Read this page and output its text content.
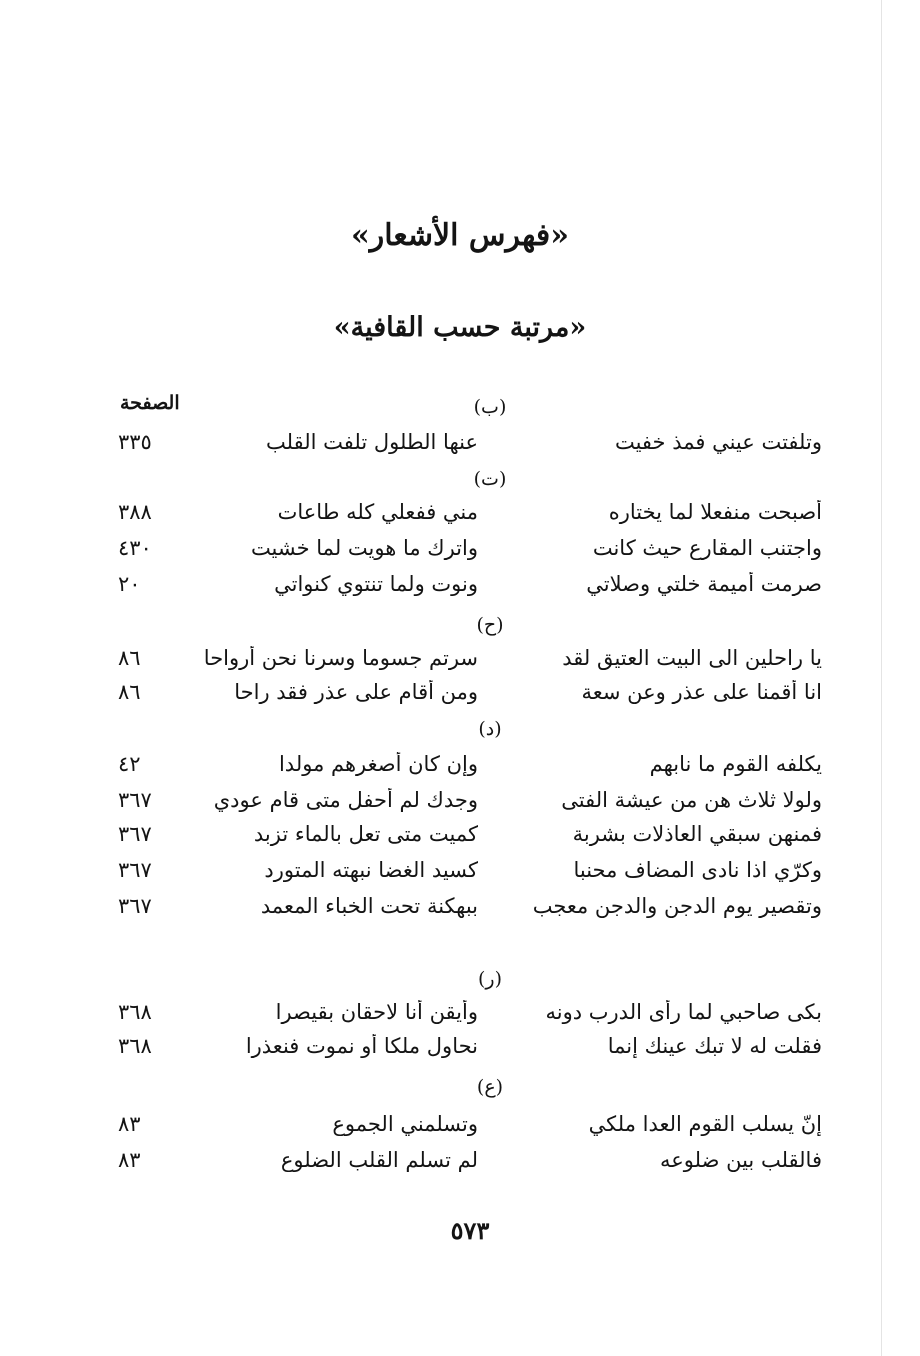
«فهرس الأشعار»
«مرتبة حسب القافية»
الصفحة	(ب)
وتلفتت عيني فمذ خفيت
عنها الطلول تلفت القلب
٣٣٥
(ت)
أصبحت منفعلا لما يختاره
مني ففعلي كله طاعات
٣٨٨
واجتنب المقارع حيث كانت
واترك ما هويت لما خشيت
٤٣٠
صرمت أميمة خلتي وصلاتي
ونوت ولما تنتوي كنواتي
٢٠
(ح)
يا راحلين الى البيت العتيق لقد
سرتم جسوما وسرنا نحن أرواحا
٨٦
انا أقمنا على عذر وعن سعة
ومن أقام على عذر فقد راحا
٨٦
(د)
يكلفه القوم ما نابهم
وإن كان أصغرهم مولدا
٤٢
ولولا ثلاث هن من عيشة الفتى
وجدك لم أحفل متى قام عودي
٣٦٧
فمنهن سبقي العاذلات بشربة
كميت متى تعل بالماء تزبد
٣٦٧
وكرّي اذا نادى المضاف محنبا
كسيد الغضا نبهته المتورد
٣٦٧
وتقصير يوم الدجن والدجن معجب
ببهكنة تحت الخباء المعمد
٣٦٧
(ر)
بكى صاحبي لما رأى الدرب دونه
وأيقن أنا لاحقان بقيصرا
٣٦٨
فقلت له لا تبك عينك إنما
نحاول ملكا أو نموت فنعذرا
٣٦٨
(ع)
إنّ يسلب القوم العدا ملكي
وتسلمني الجموع
٨٣
فالقلب بين ضلوعه
لم تسلم القلب الضلوع
٨٣
٥٧٣
